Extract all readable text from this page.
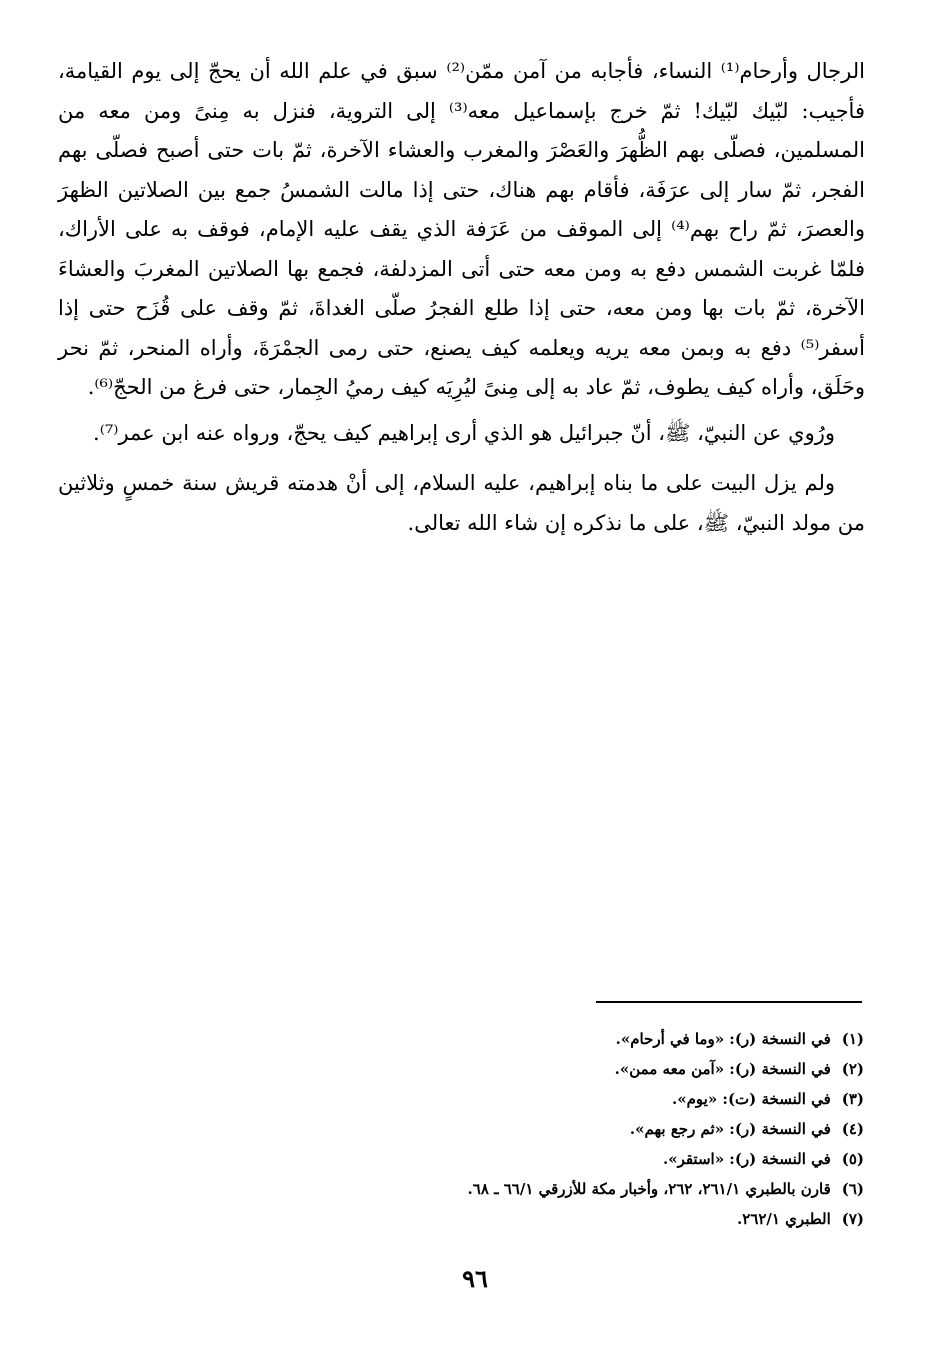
الرجال وأرحام⁽¹⁾ النساء، فأجابه من آمن ممّن⁽²⁾ سبق في علم الله أن يحجّ إلى يوم القيامة، فأجيب: لبّيك لبّيك! ثمّ خرج بإسماعيل معه⁽³⁾ إلى التروية، فنزل به مِنىً ومن معه من المسلمين، فصلّى بهم الظُّهرَ والعَصْرَ والمغرب والعشاء الآخرة، ثمّ بات حتى أصبح فصلّى بهم الفجر، ثمّ سار إلى عرَفَة، فأقام بهم هناك، حتى إذا مالت الشمسُ جمع بين الصلاتين الظهرَ والعصرَ، ثمّ راح بهم⁽⁴⁾ إلى الموقف من عَرَفة الذي يقف عليه الإمام، فوقف به على الأراك، فلمّا غربت الشمس دفع به ومن معه حتى أتى المزدلفة، فجمع بها الصلاتين المغربَ والعشاءَ الآخرة، ثمّ بات بها ومن معه، حتى إذا طلع الفجرُ صلّى الغداةَ، ثمّ وقف على قُزَح حتى إذا أسفر⁽⁵⁾ دفع به وبمن معه يريه ويعلمه كيف يصنع، حتى رمى الجمْرَةَ، وأراه المنحر، ثمّ نحر وحَلَق، وأراه كيف يطوف، ثمّ عاد به إلى مِنىً ليُرِيَه كيف رميُ الجِمار، حتى فرغ من الحجّ⁽⁶⁾.

ورُوي عن النبيّ، ﷺ، أنّ جبرائيل هو الذي أرى إبراهيم كيف يحجّ، ورواه عنه ابن عمر⁽⁷⁾.

ولم يزل البيت على ما بناه إبراهيم، عليه السلام، إلى أنْ هدمته قريش سنة خمسٍ وثلاثين من مولد النبيّ، ﷺ، على ما نذكره إن شاء الله تعالى.

(١) في النسخة (ر): «وما في أرحام».
(٢) في النسخة (ر): «آمن معه ممن».
(٣) في النسخة (ت): «يوم».
(٤) في النسخة (ر): «ثم رجع بهم».
(٥) في النسخة (ر): «استقر».
(٦) قارن بالطبري ٢٦١/١، ٢٦٢، وأخبار مكة للأزرقي ٦٦/١ ـ ٦٨.
(٧) الطبري ٢٦٢/١.
٩٦
